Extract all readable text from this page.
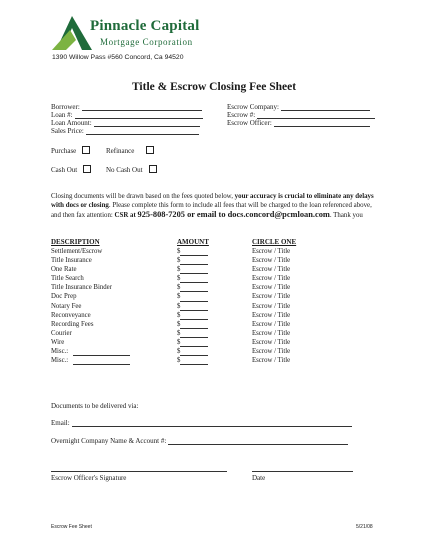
Pinnacle Capital
Mortgage Corporation
1390 Willow Pass #560 Concord, Ca 94520
Title & Escrow Closing Fee Sheet
Borrower:
Loan #:
Loan Amount:
Sales Price:
Escrow Company:
Escrow #:
Escrow Officer:
Purchase	Refinance
Cash Out	No Cash Out
Closing documents will be drawn based on the fees quoted below, your accuracy is crucial to eliminate any delays with docs or closing. Please complete this form to include all fees that will be charged to the loan referenced above, and then fax attention: CSR at 925-808-7205 or email to docs.concord@pcmloan.com. Thank you
DESCRIPTION	AMOUNT	CIRCLE ONE
Settlement/Escrow	$	Escrow / Title
Title Insurance	$	Escrow / Title
One Rate	$	Escrow / Title
Title Search	$	Escrow / Title
Title Insurance Binder	$	Escrow / Title
Doc Prep	$	Escrow / Title
Notary Fee	$	Escrow / Title
Reconveyance	$	Escrow / Title
Recording Fees	$	Escrow / Title
Courier	$	Escrow / Title
Wire	$	Escrow / Title
Misc.:	$	Escrow / Title
Misc.:	$	Escrow / Title
Documents to be delivered via:
Email:
Overnight Company Name & Account #:
Escrow Officer's Signature	Date
Escrow Fee Sheet	5/21/08
